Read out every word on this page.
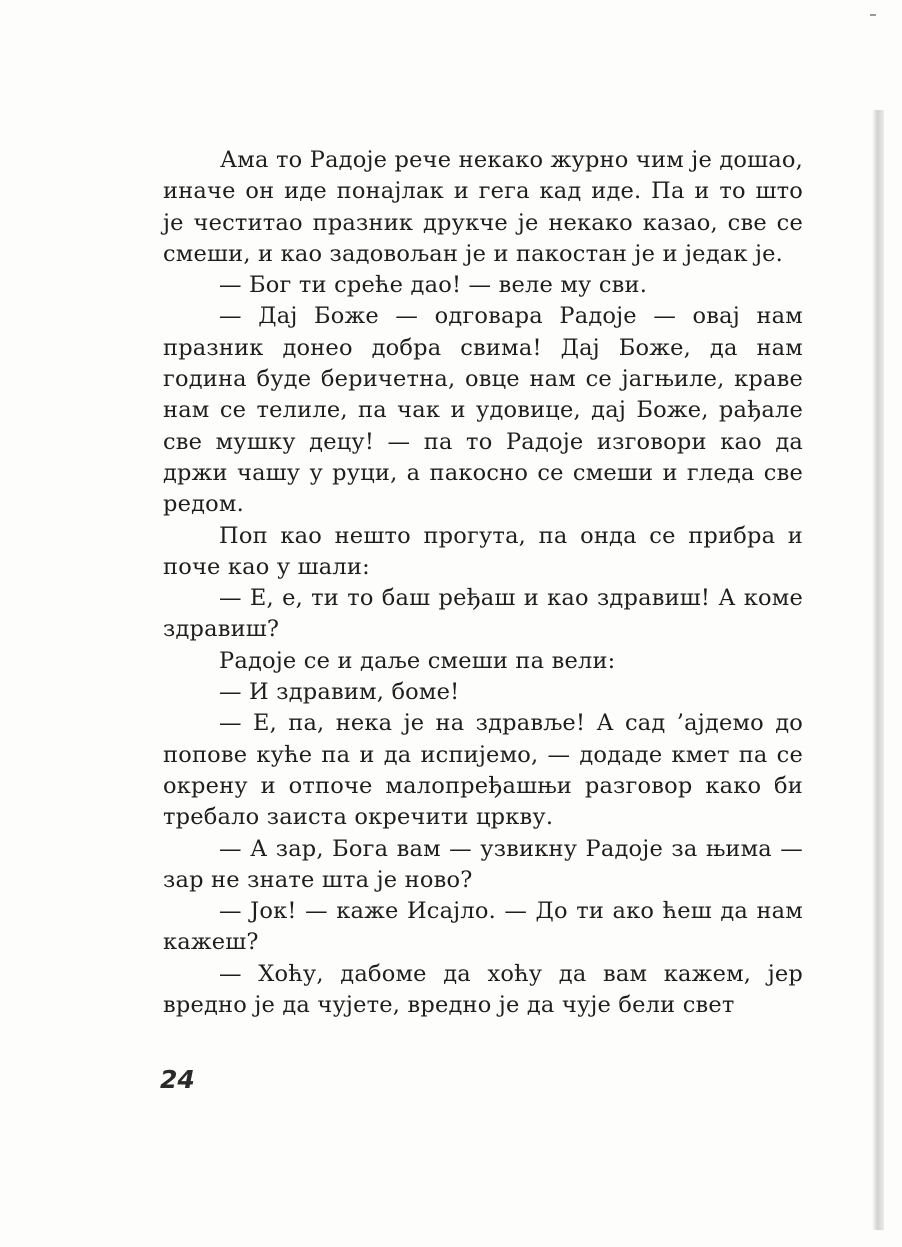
Ама то Радоје рече некако журно чим је дошао, иначе он иде понајлак и гега кад иде. Па и то што је честитао празник друкче је некако казао, све се смеши, и као задовољан је и пакостан је и једак је.

— Бог ти среће дао! — веле му сви.

— Дај Боже — одговара Радоје — овај нам празник донео добра свима! Дај Боже, да нам година буде беричетна, овце нам се јагњиле, краве нам се телиле, па чак и удовице, дај Боже, рађале све мушку децу! — па то Радоје изговори као да држи чашу у руци, а пакосно се смеши и гледа све редом.

Поп као нешто прогута, па онда се прибра и поче као у шали:

— Е, е, ти то баш ређаш и као здравиш! А коме здравиш?

Радоје се и даље смеши па вели:

— И здравим, боме!

— Е, па, нека је на здравље! А сад ’ајдемо до попове куће па и да испијемо, — додаде кмет па се окрену и отпоче малопређашњи разговор како би требало заиста окречити цркву.

— А зар, Бога вам — узвикну Радоје за њима — зар не знате шта је ново?

— Јок! — каже Исајло. — До ти ако ћеш да нам кажеш?

— Хоћу, дабоме да хоћу да вам кажем, јер вредно је да чујете, вредно је да чује бели свет

24
